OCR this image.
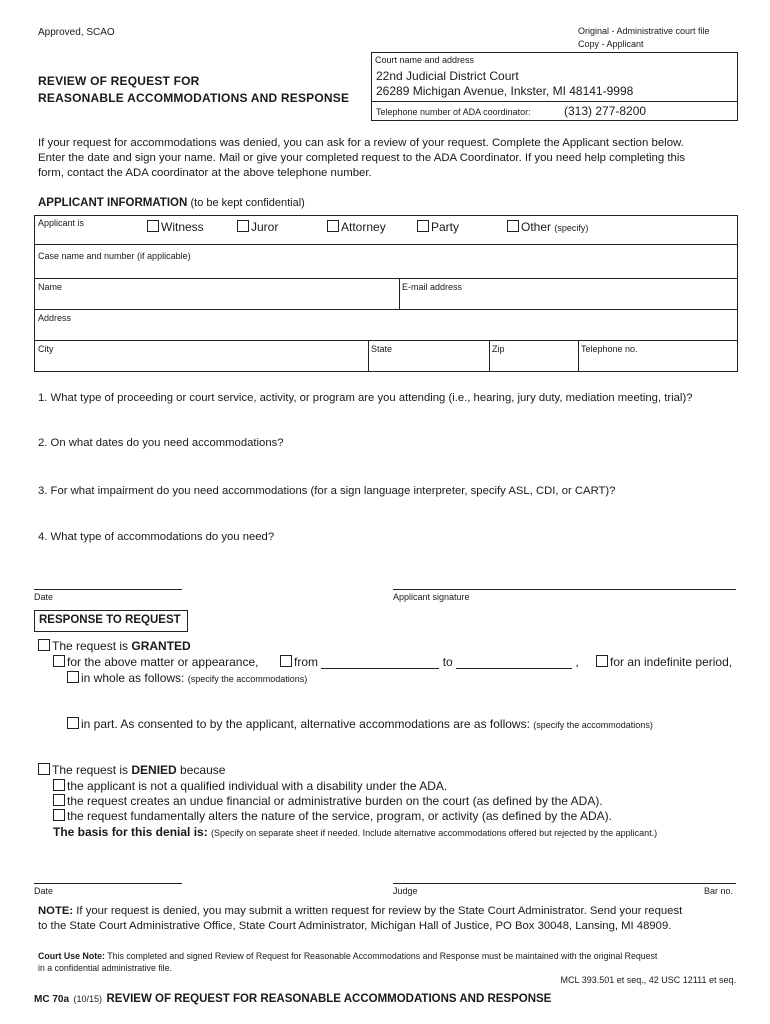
Approved, SCAO	Original - Administrative court file
Copy - Applicant
REVIEW OF REQUEST FOR
REASONABLE ACCOMMODATIONS AND RESPONSE
Court name and address
22nd Judicial District Court
26289 Michigan Avenue, Inkster, MI 48141-9998
Telephone number of ADA coordinator:	(313) 277-8200
If your request for accommodations was denied, you can ask for a review of your request. Complete the Applicant section below.
Enter the date and sign your name. Mail or give your completed request to the ADA Coordinator. If you need help completing this
form, contact the ADA coordinator at the above telephone number.
APPLICANT INFORMATION (to be kept confidential)
Applicant is	Witness	Juror	Attorney	Party	Other (specify)
Case name and number (if applicable)
Name	E-mail address
Address
City	State	Zip	Telephone no.
1. What type of proceeding or court service, activity, or program are you attending (i.e., hearing, jury duty, mediation meeting, trial)?
2. On what dates do you need accommodations?
3. For what impairment do you need accommodations (for a sign language interpreter, specify ASL, CDI, or CART)?
4. What type of accommodations do you need?
Date	Applicant signature
RESPONSE TO REQUEST
The request is GRANTED
for the above matter or appearance,	from	to	,	for an indefinite period,
in whole as follows: (specify the accommodations)
in part. As consented to by the applicant, alternative accommodations are as follows: (specify the accommodations)
The request is DENIED because
the applicant is not a qualified individual with a disability under the ADA.
the request creates an undue financial or administrative burden on the court (as defined by the ADA).
the request fundamentally alters the nature of the service, program, or activity (as defined by the ADA).
The basis for this denial is: (Specify on separate sheet if needed. Include alternative accommodations offered but rejected by the applicant.)
Date	Judge	Bar no.
NOTE: If your request is denied, you may submit a written request for review by the State Court Administrator. Send your request
to the State Court Administrative Office, State Court Administrator, Michigan Hall of Justice, PO Box 30048, Lansing, MI 48909.
Court Use Note: This completed and signed Review of Request for Reasonable Accommodations and Response must be maintained with the original Request
in a confidential administrative file.
MCL 393.501 et seq., 42 USC 12111 et seq.
MC 70a (10/15) REVIEW OF REQUEST FOR REASONABLE ACCOMMODATIONS AND RESPONSE
